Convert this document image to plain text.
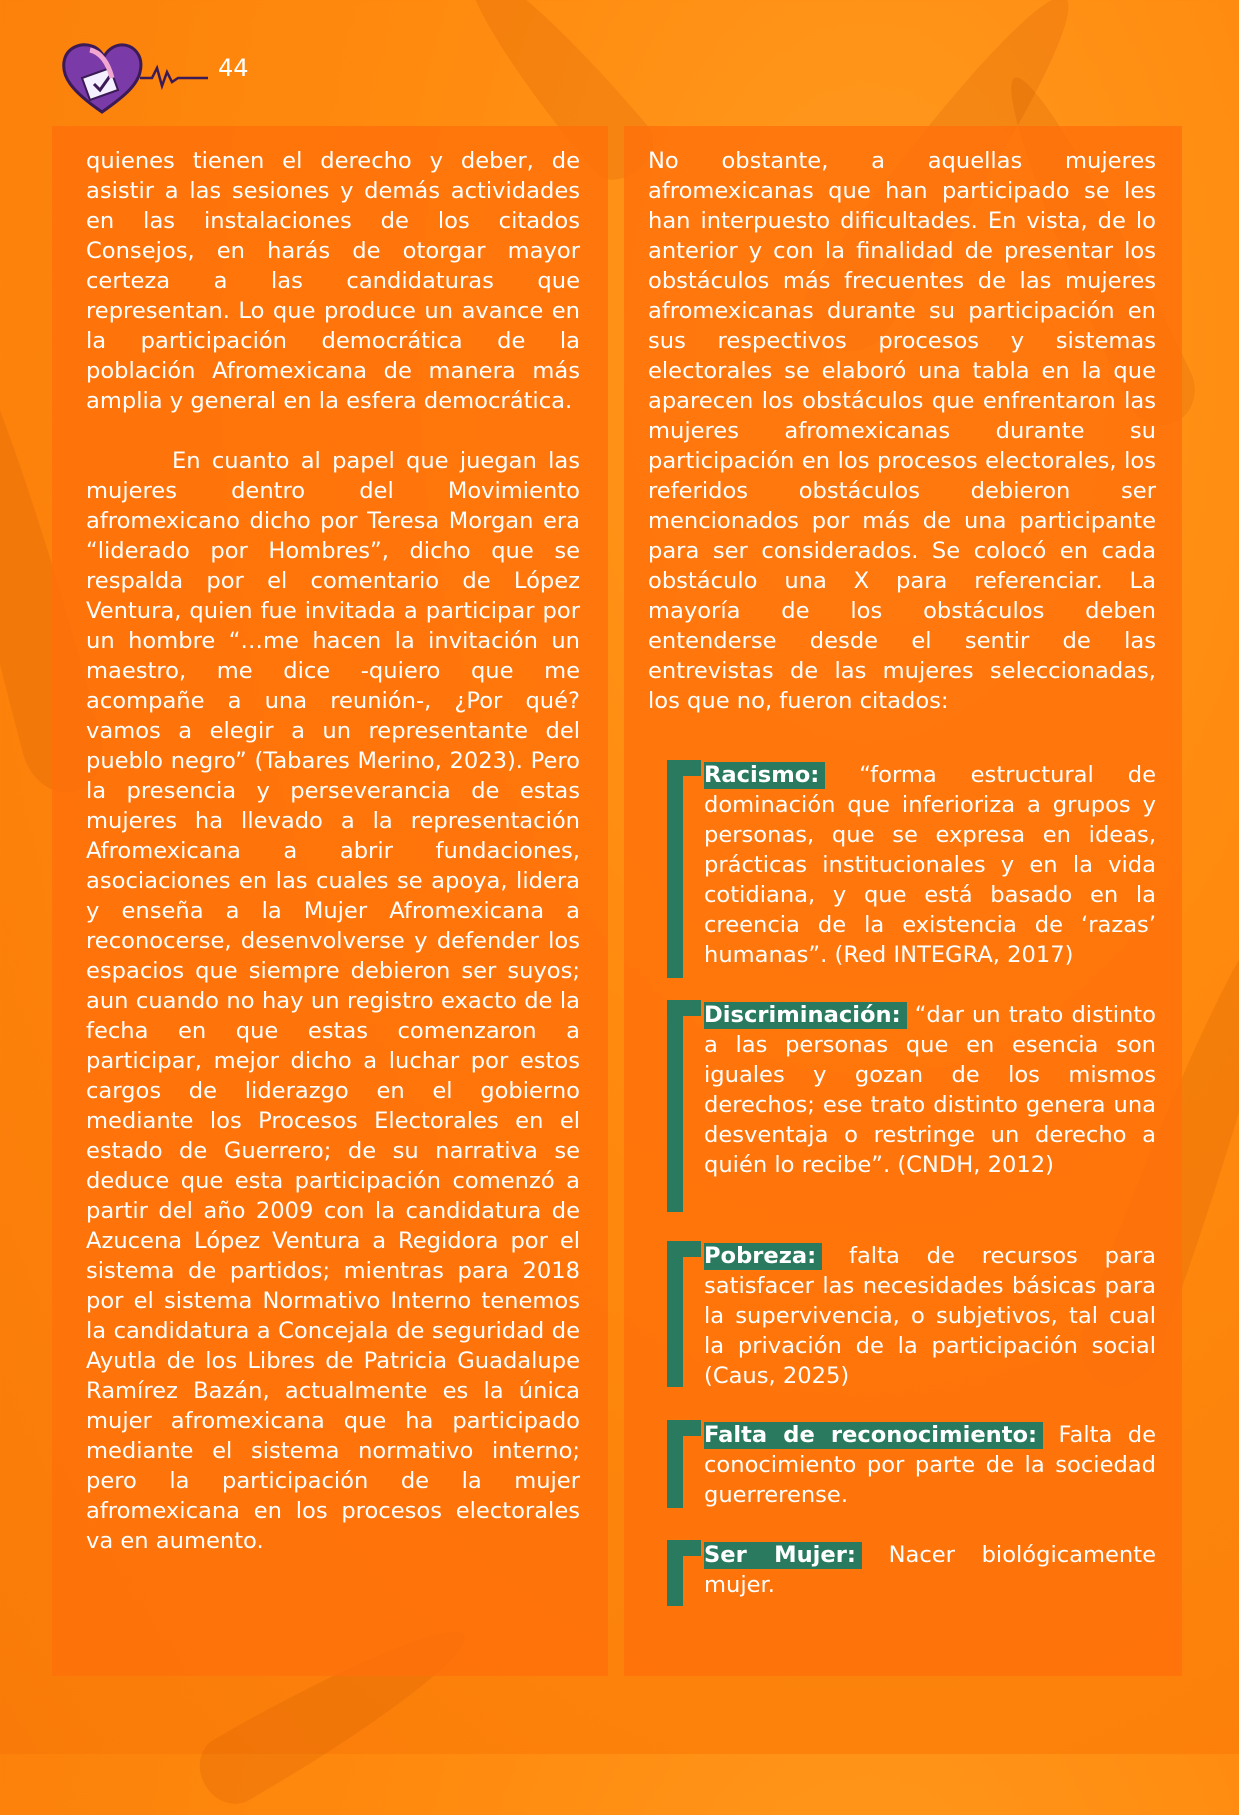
44

quienes tienen el derecho y deber, de asistir a las sesiones y demás actividades en las instalaciones de los citados Consejos, en harás de otorgar mayor certeza a las candidaturas que representan. Lo que produce un avance en la participación democrática de la población Afromexicana de manera más amplia y general en la esfera democrática.

En cuanto al papel que juegan las mujeres dentro del Movimiento afromexicano dicho por Teresa Morgan era “liderado por Hombres”, dicho que se respalda por el comentario de López Ventura, quien fue invitada a participar por un hombre “…me hacen la invitación un maestro, me dice -quiero que me acompañe a una reunión-, ¿Por qué? vamos a elegir a un representante del pueblo negro” (Tabares Merino, 2023). Pero la presencia y perseverancia de estas mujeres ha llevado a la representación Afromexicana a abrir fundaciones, asociaciones en las cuales se apoya, lidera y enseña a la Mujer Afromexicana a reconocerse, desenvolverse y defender los espacios que siempre debieron ser suyos; aun cuando no hay un registro exacto de la fecha en que estas comenzaron a participar, mejor dicho a luchar por estos cargos de liderazgo en el gobierno mediante los Procesos Electorales en el estado de Guerrero; de su narrativa se deduce que esta participación comenzó a partir del año 2009 con la candidatura de Azucena López Ventura a Regidora por el sistema de partidos; mientras para 2018 por el sistema Normativo Interno tenemos la candidatura a Concejala de seguridad de Ayutla de los Libres de Patricia Guadalupe Ramírez Bazán, actualmente es la única mujer afromexicana que ha participado mediante el sistema normativo interno; pero la participación de la mujer afromexicana en los procesos electorales va en aumento.

No obstante, a aquellas mujeres afromexicanas que han participado se les han interpuesto dificultades. En vista, de lo anterior y con la finalidad de presentar los obstáculos más frecuentes de las mujeres afromexicanas durante su participación en sus respectivos procesos y sistemas electorales se elaboró una tabla en la que aparecen los obstáculos que enfrentaron las mujeres afromexicanas durante su participación en los procesos electorales, los referidos obstáculos debieron ser mencionados por más de una participante para ser considerados. Se colocó en cada obstáculo una X para referenciar. La mayoría de los obstáculos deben entenderse desde el sentir de las entrevistas de las mujeres seleccionadas, los que no, fueron citados:

Racismo: “forma estructural de dominación que inferioriza a grupos y personas, que se expresa en ideas, prácticas institucionales y en la vida cotidiana, y que está basado en la creencia de la existencia de ‘razas’ humanas”. (Red INTEGRA, 2017)

Discriminación: “dar un trato distinto a las personas que en esencia son iguales y gozan de los mismos derechos; ese trato distinto genera una desventaja o restringe un derecho a quién lo recibe”. (CNDH, 2012)

Pobreza: falta de recursos para satisfacer las necesidades básicas para la supervivencia, o subjetivos, tal cual la privación de la participación social (Caus, 2025)

Falta de reconocimiento: Falta de conocimiento por parte de la sociedad guerrerense.

Ser Mujer: Nacer biológicamente mujer.
